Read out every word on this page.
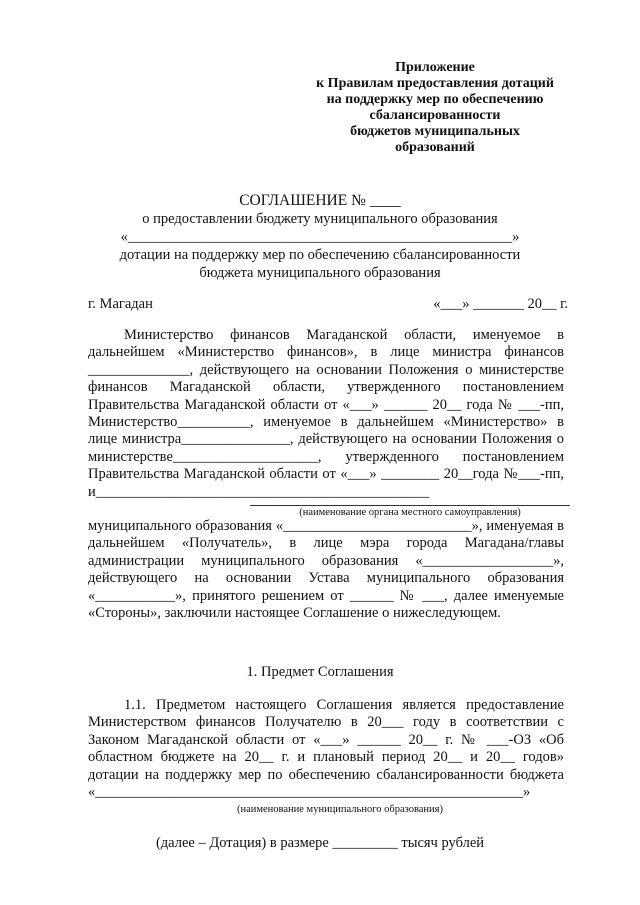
Приложение
к Правилам предоставления дотаций
на поддержку мер по обеспечению
сбалансированности
бюджетов муниципальных
образований
СОГЛАШЕНИЕ № ____
о предоставлении бюджету муниципального образования
«_____________________________________________________»
дотации на поддержку мер по обеспечению сбалансированности
бюджета муниципального образования
г. Магадан	«___» _______ 20__ г.
Министерство финансов Магаданской области, именуемое в дальнейшем «Министерство финансов», в лице министра финансов ______________, действующего на основании Положения о министерстве финансов Магаданской области, утвержденного постановлением Правительства Магаданской области от «___» ______ 20__ года № ___-пп, Министерство__________, именуемое в дальнейшем «Министерство» в лице министра_______________, действующего на основании Положения о министерстве____________________, утвержденного постановлением Правительства Магаданской области от «___» ________ 20__года №___-пп, и______________________________________________
(наименование органа местного самоуправления)
муниципального образования «__________________________», именуемая в дальнейшем «Получатель», в лице мэра города Магадана/главы администрации муниципального образования «__________________», действующего на основании Устава муниципального образования «___________», принятого решением от ______ № ___, далее именуемые «Стороны», заключили настоящее Соглашение о нижеследующем.
1. Предмет Соглашения
1.1. Предметом настоящего Соглашения является предоставление Министерством финансов Получателю в 20___ году в соответствии с Законом Магаданской области от «___» ______ 20__ г. № ___-ОЗ «Об областном бюджете на 20__ г. и плановый период 20__ и 20__ годов» дотации на поддержку мер по обеспечению сбалансированности бюджета «___________________________________________________________»
(наименование муниципального образования)
(далее – Дотация) в размере _________ тысяч рублей
